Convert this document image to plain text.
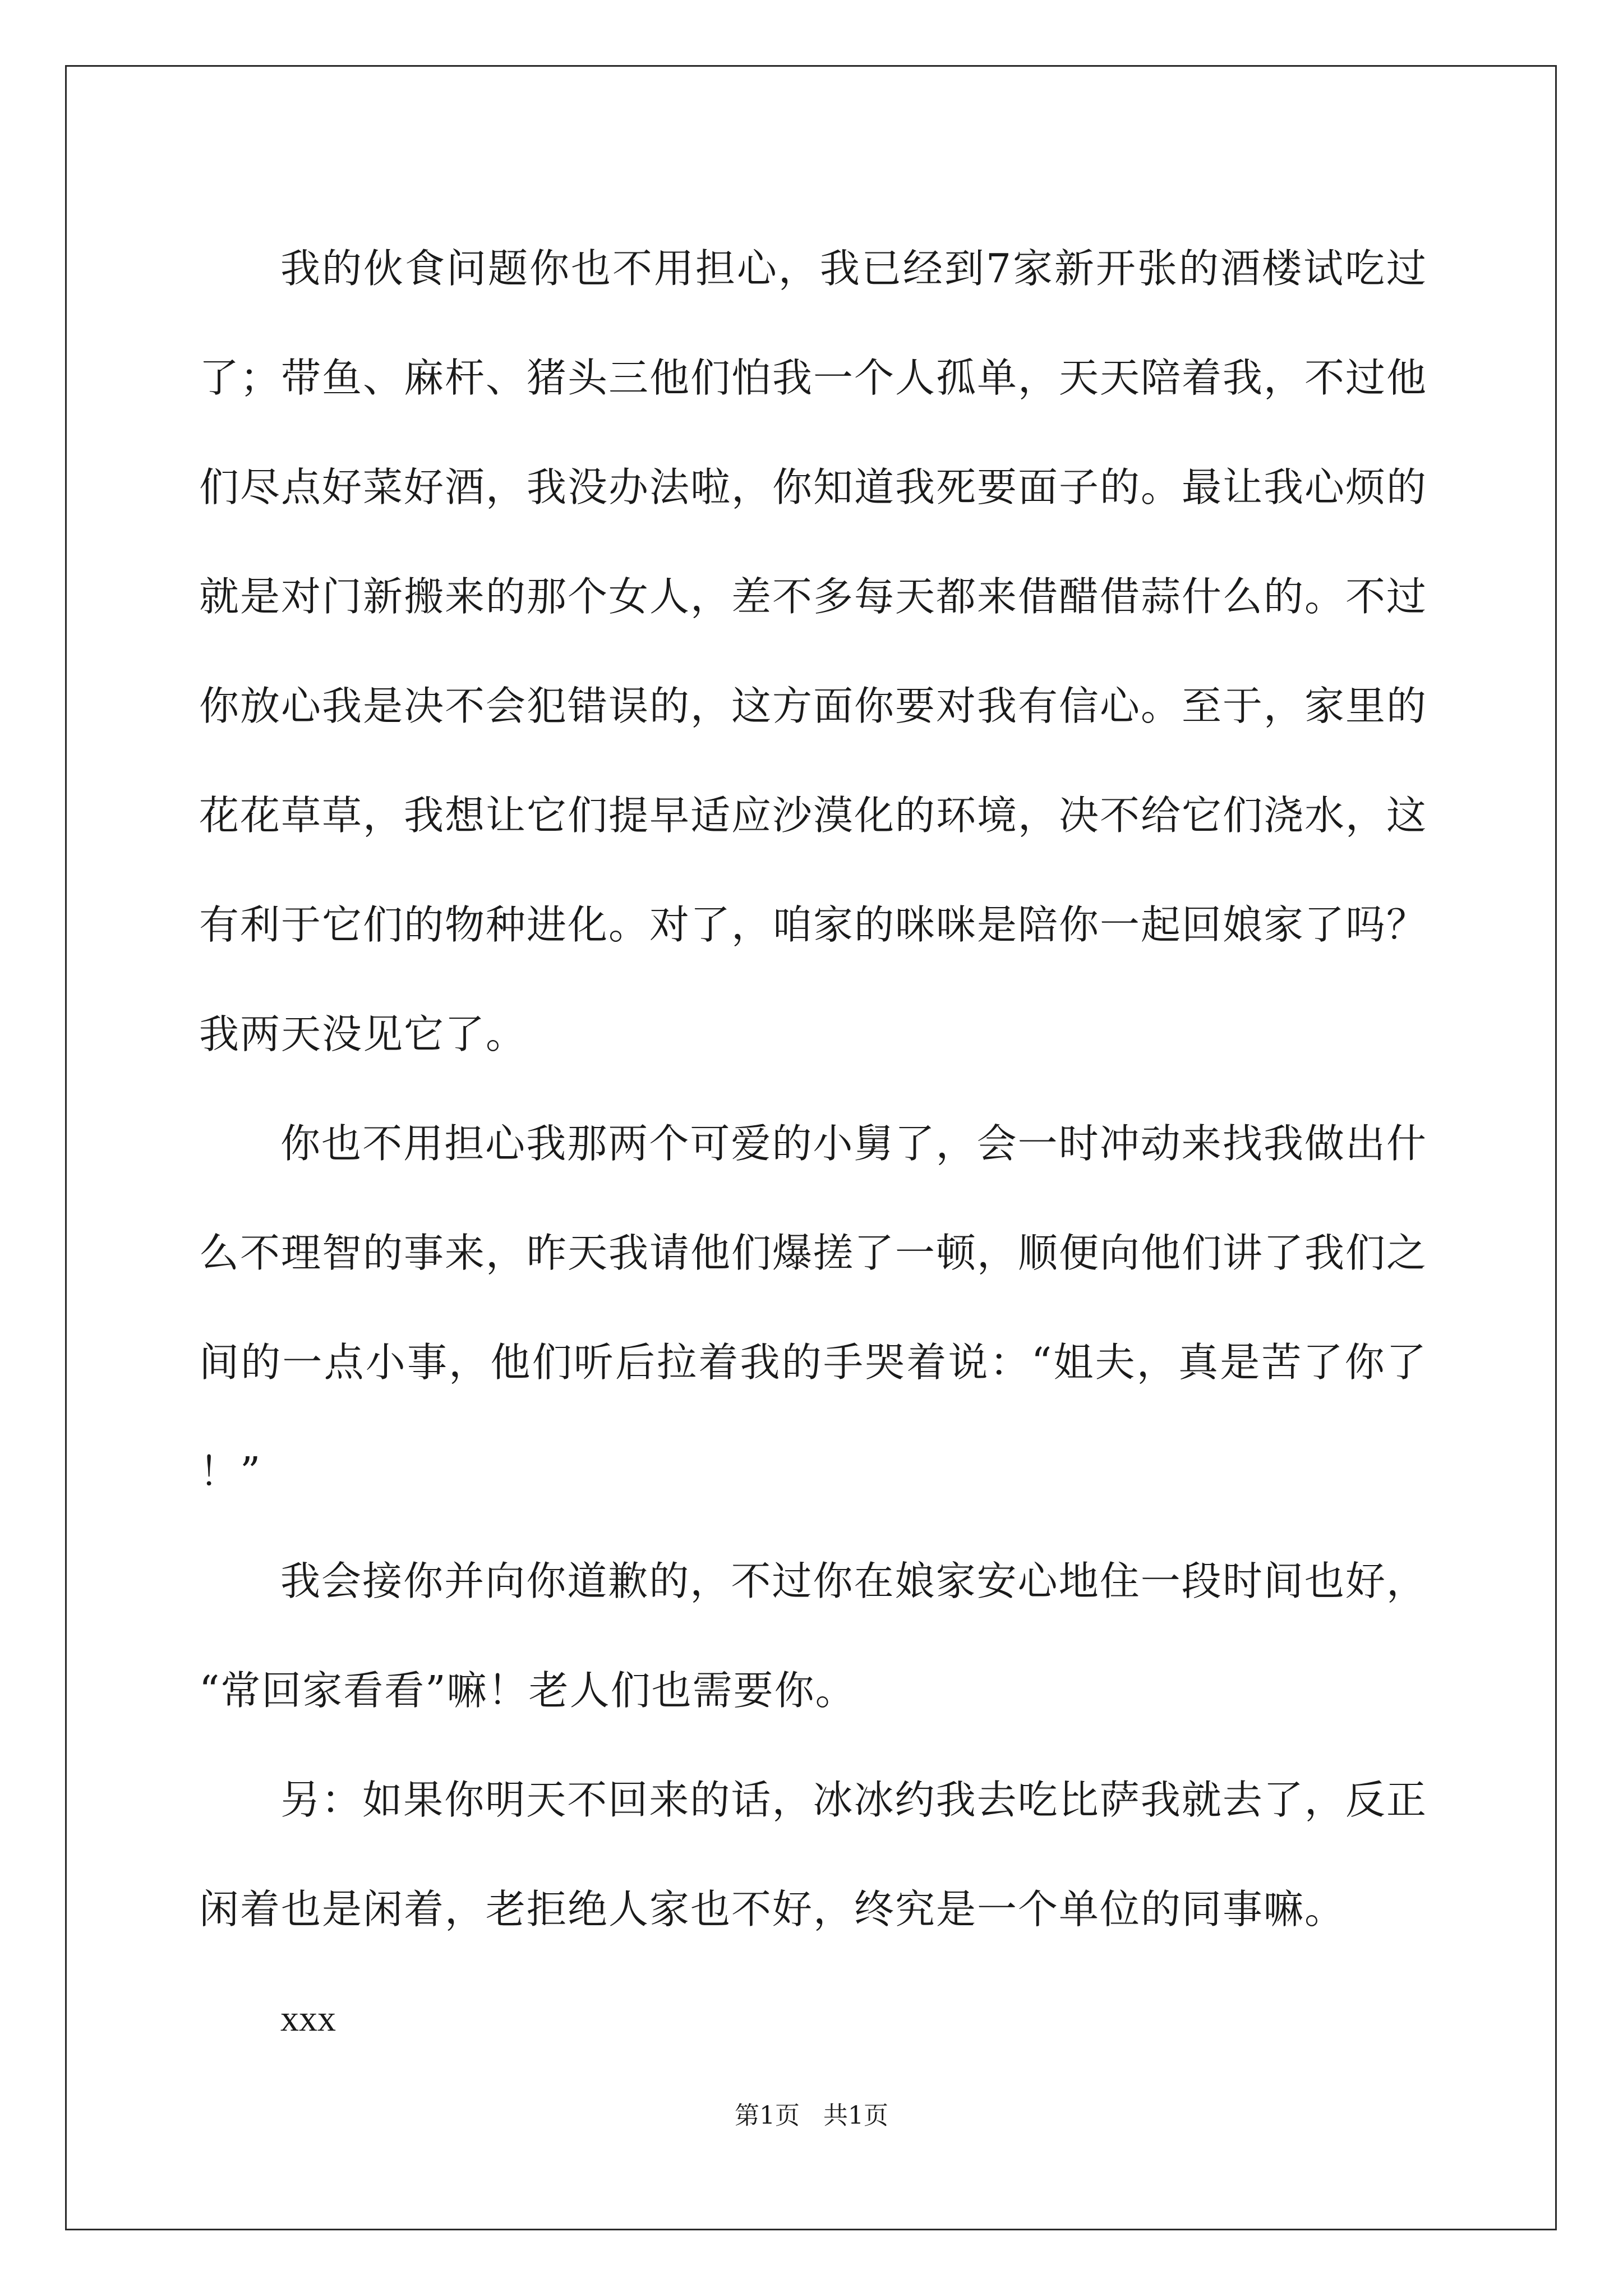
我的伙食问题你也不用担心，我已经到7家新开张的酒楼试吃过了；带鱼、麻杆、猪头三他们怕我一个人孤单，天天陪着我，不过他们尽点好菜好酒，我没办法啦，你知道我死要面子的。最让我心烦的就是对门新搬来的那个女人，差不多每天都来借醋借蒜什么的。不过你放心我是决不会犯错误的，这方面你要对我有信心。至于，家里的花花草草，我想让它们提早适应沙漠化的环境，决不给它们浇水，这有利于它们的物种进化。对了，咱家的咪咪是陪你一起回娘家了吗？我两天没见它了。

你也不用担心我那两个可爱的小舅了，会一时冲动来找我做出什么不理智的事来，昨天我请他们爆搓了一顿，顺便向他们讲了我们之间的一点小事，他们听后拉着我的手哭着说：“姐夫，真是苦了你了！”

我会接你并向你道歉的，不过你在娘家安心地住一段时间也好，“常回家看看”嘛！老人们也需要你。

另：如果你明天不回来的话，冰冰约我去吃比萨我就去了，反正闲着也是闲着，老拒绝人家也不好，终究是一个单位的同事嘛。

xxx

第1页   共1页
